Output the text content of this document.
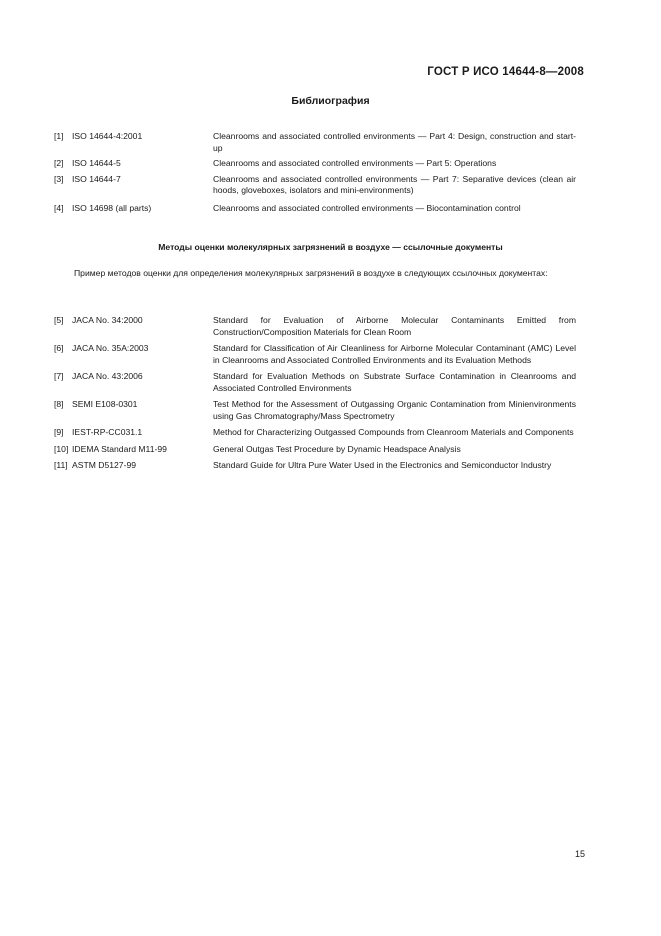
ГОСТ Р ИСО 14644-8—2008
Библиография
[1] ISO 14644-4:2001	Cleanrooms and associated controlled environments — Part 4: Design, construction and start-up
[2] ISO 14644-5	Cleanrooms and associated controlled environments — Part 5: Operations
[3] ISO 14644-7	Cleanrooms and associated controlled environments — Part 7: Separative devices (clean air hoods, gloveboxes, isolators and mini-environments)
[4] ISO 14698 (all parts)	Cleanrooms and associated controlled environments — Biocontamination control
Методы оценки молекулярных загрязнений в воздухе — ссылочные документы
Пример методов оценки для определения молекулярных загрязнений в воздухе в следующих ссылочных документах:
[5] JACA No. 34:2000	Standard for Evaluation of Airborne Molecular Contaminants Emitted from Construction/Composition Materials for Clean Room
[6] JACA No. 35A:2003	Standard for Classification of Air Cleanliness for Airborne Molecular Contaminant (AMC) Level in Cleanrooms and Associated Controlled Environments and its Evaluation Methods
[7] JACA No. 43:2006	Standard for Evaluation Methods on Substrate Surface Contamination in Cleanrooms and Associated Controlled Environments
[8] SEMI E108-0301	Test Method for the Assessment of Outgassing Organic Contamination from Minienvironments using Gas Chromatography/Mass Spectrometry
[9] IEST-RP-CC031.1	Method for Characterizing Outgassed Compounds from Cleanroom Materials and Components
[10] IDEMA Standard M11-99	General Outgas Test Procedure by Dynamic Headspace Analysis
[11] ASTM D5127-99	Standard Guide for Ultra Pure Water Used in the Electronics and Semiconductor Industry
15
